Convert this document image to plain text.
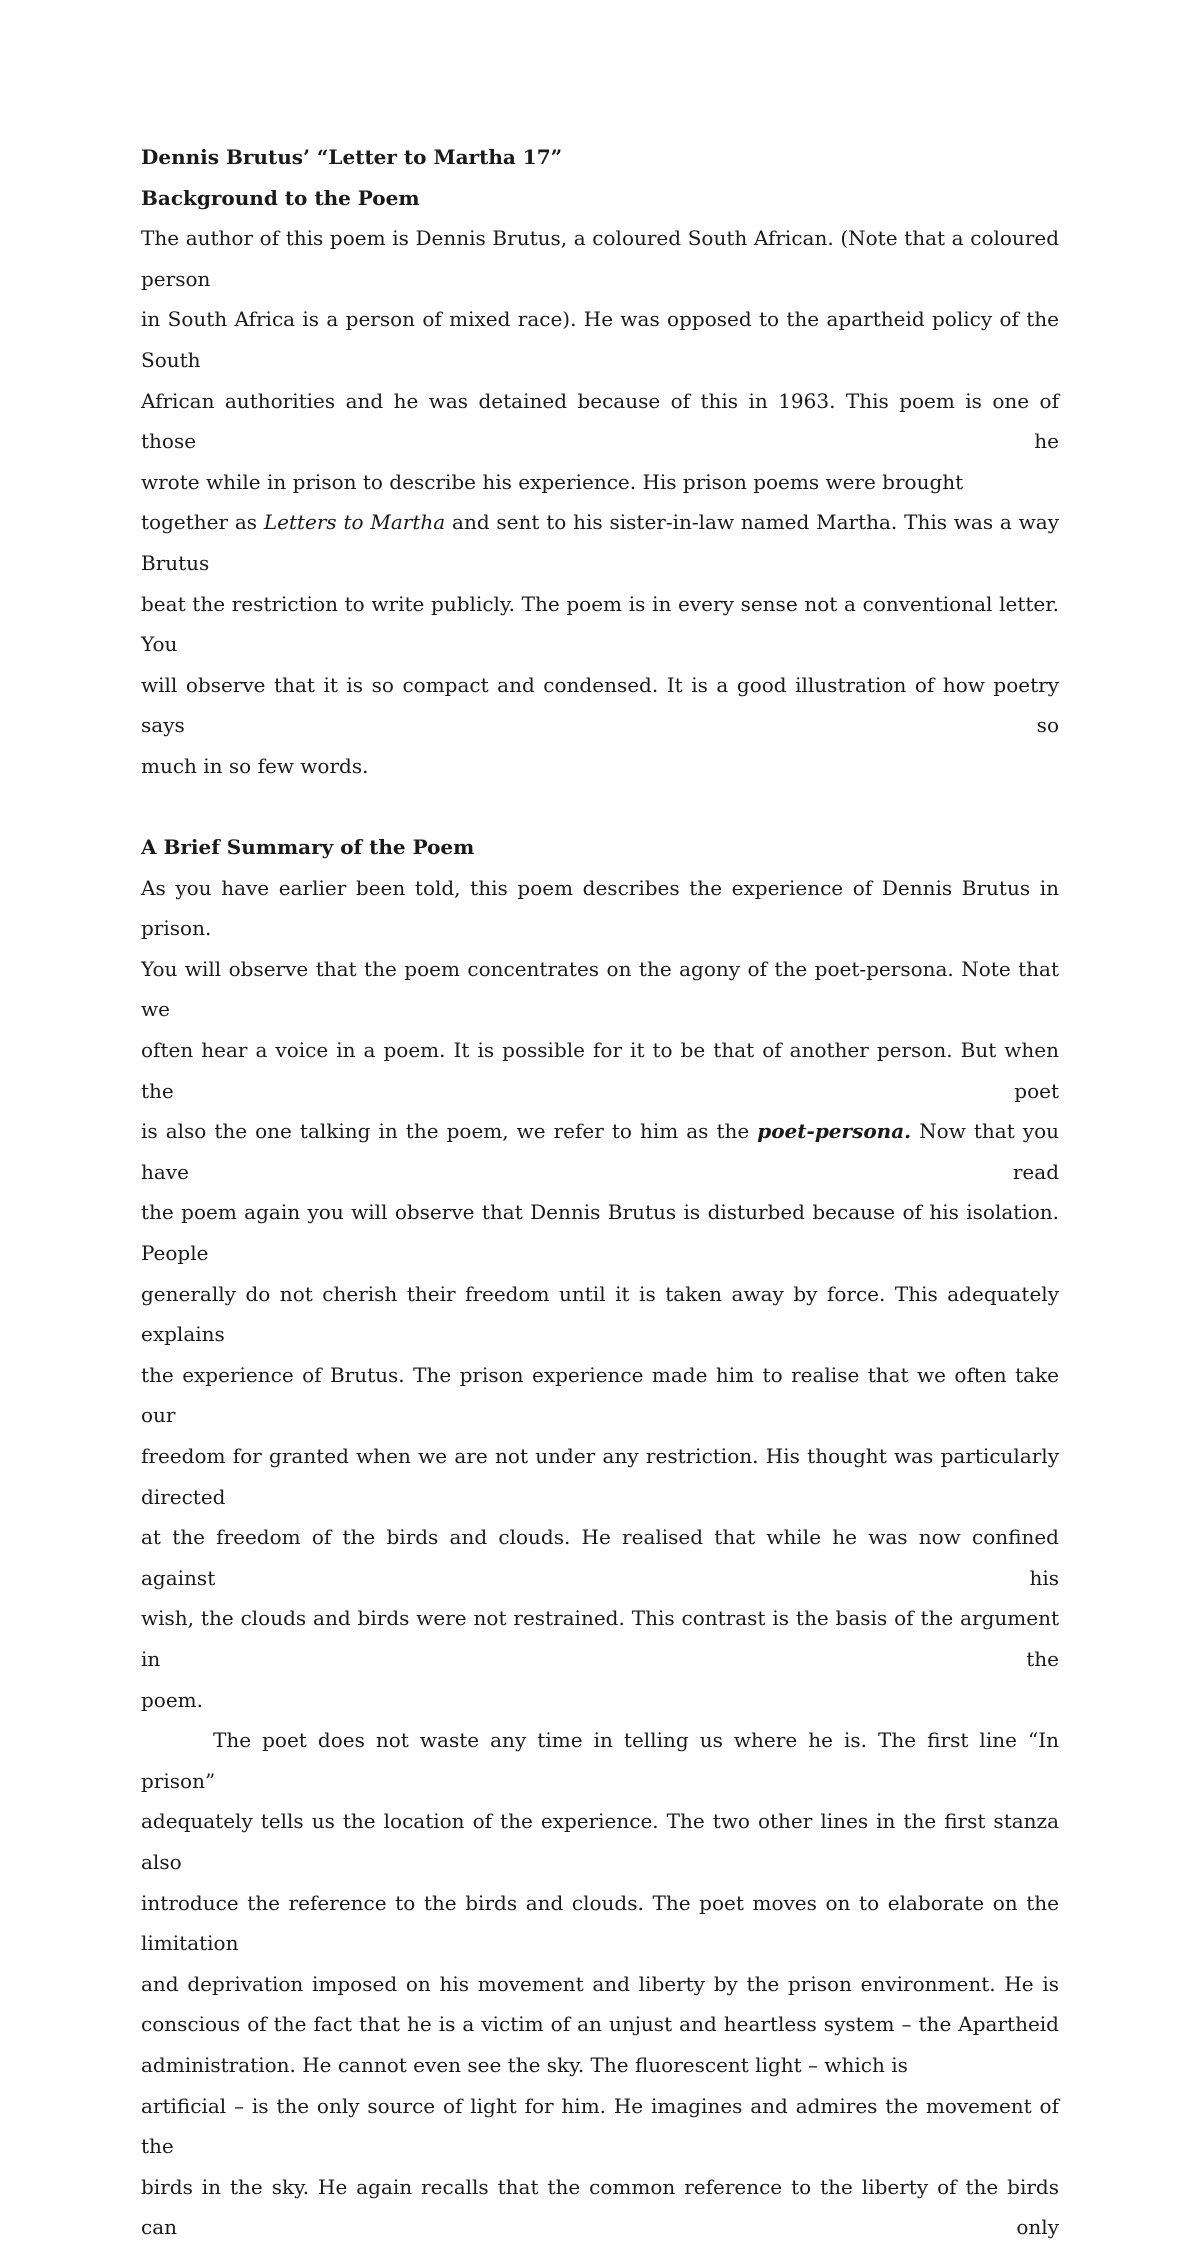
Dennis Brutus’ “Letter to Martha 17”
Background to the Poem

The author of this poem is Dennis Brutus, a coloured South African. (Note that a coloured person
in South Africa is a person of mixed race). He was opposed to the apartheid policy of the South
African authorities and he was detained because of this in 1963. This poem is one of those he
wrote while in prison to describe his experience. His prison poems were brought
together as Letters to Martha and sent to his sister-in-law named Martha. This was a way Brutus
beat the restriction to write publicly. The poem is in every sense not a conventional letter. You
will observe that it is so compact and condensed. It is a good illustration of how poetry says so
much in so few words.

A Brief Summary of the Poem

As you have earlier been told, this poem describes the experience of Dennis Brutus in prison.
You will observe that the poem concentrates on the agony of the poet-persona. Note that we
often hear a voice in a poem. It is possible for it to be that of another person. But when the poet
is also the one talking in the poem, we refer to him as the poet-persona. Now that you have read
the poem again you will observe that Dennis Brutus is disturbed because of his isolation. People
generally do not cherish their freedom until it is taken away by force. This adequately explains
the experience of Brutus. The prison experience made him to realise that we often take our
freedom for granted when we are not under any restriction. His thought was particularly directed
at the freedom of the birds and clouds. He realised that while he was now confined against his
wish, the clouds and birds were not restrained. This contrast is the basis of the argument in the
poem.

The poet does not waste any time in telling us where he is. The first line “In prison”
adequately tells us the location of the experience. The two other lines in the first stanza also
introduce the reference to the birds and clouds. The poet moves on to elaborate on the limitation
and deprivation imposed on his movement and liberty by the prison environment. He is
conscious of the fact that he is a victim of an unjust and heartless system – the Apartheid
administration. He cannot even see the sky. The fluorescent light – which is
artificial – is the only source of light for him. He imagines and admires the movement of the
birds in the sky. He again recalls that the common reference to the liberty of the birds can only
